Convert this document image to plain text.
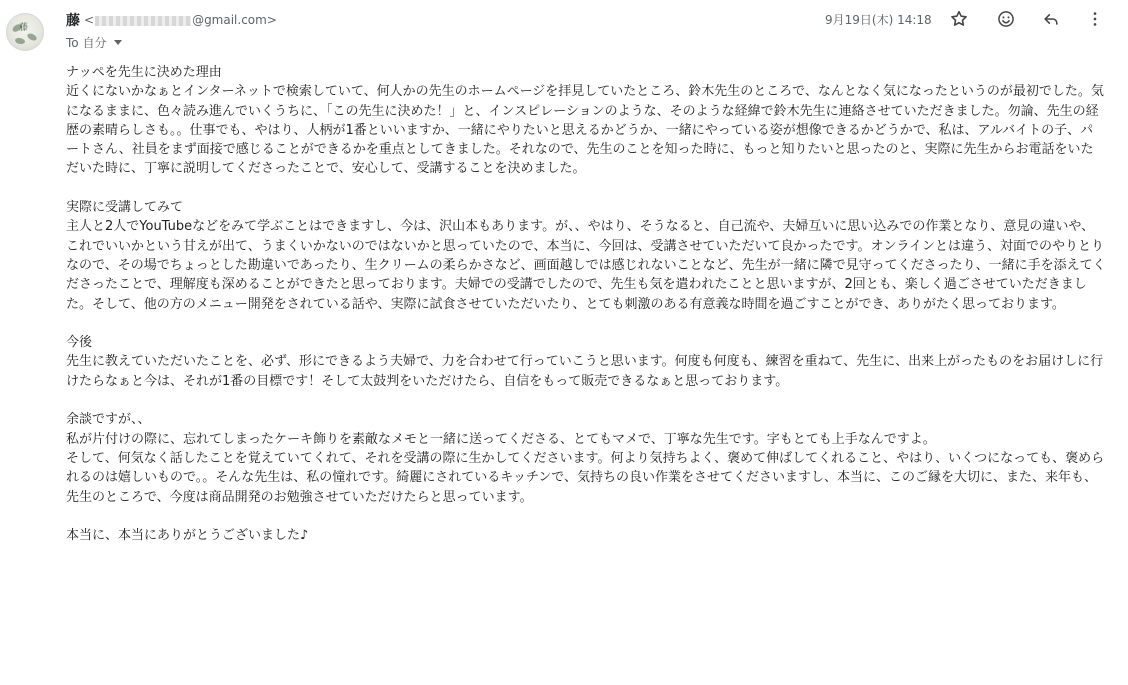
藤	藤 <	@gmail.com>
To 自分
9月19日(木) 14:18
ナッペを先生に決めた理由
近くにないかなぁとインターネットで検索していて、何人かの先生のホームページを拝見していたところ、鈴木先生のところで、なんとなく気になったというのが最初でした。気になるままに、色々読み進んでいくうちに、「この先生に決めた！」と、インスピレーションのような、そのような経緯で鈴木先生に連絡させていただきました。勿論、先生の経歴の素晴らしさも。。仕事でも、やはり、人柄が1番といいますか、一緒にやりたいと思えるかどうか、一緒にやっている姿が想像できるかどうかで、私は、アルバイトの子、パートさん、社員をまず面接で感じることができるかを重点としてきました。それなので、先生のことを知った時に、もっと知りたいと思ったのと、実際に先生からお電話をいただいた時に、丁寧に説明してくださったことで、安心して、受講することを決めました。
実際に受講してみて
主人と2人でYouTubeなどをみて学ぶことはできますし、今は、沢山本もあります。が、、やはり、そうなると、自己流や、夫婦互いに思い込みでの作業となり、意見の違いや、これでいいかという甘えが出て、うまくいかないのではないかと思っていたので、本当に、今回は、受講させていただいて良かったです。オンラインとは違う、対面でのやりとりなので、その場でちょっとした勘違いであったり、生クリームの柔らかさなど、画面越しでは感じれないことなど、先生が一緒に隣で見守ってくださったり、一緒に手を添えてくださったことで、理解度も深めることができたと思っております。夫婦での受講でしたので、先生も気を遣われたことと思いますが、2回とも、楽しく過ごさせていただきました。そして、他の方のメニュー開発をされている話や、実際に試食させていただいたり、とても刺激のある有意義な時間を過ごすことができ、ありがたく思っております。
今後
先生に教えていただいたことを、必ず、形にできるよう夫婦で、力を合わせて行っていこうと思います。何度も何度も、練習を重ねて、先生に、出来上がったものをお届けしに行けたらなぁと今は、それが1番の目標です！そして太鼓判をいただけたら、自信をもって販売できるなぁと思っております。
余談ですが、、
私が片付けの際に、忘れてしまったケーキ飾りを素敵なメモと一緒に送ってくださる、とてもマメで、丁寧な先生です。字もとても上手なんですよ。
そして、何気なく話したことを覚えていてくれて、それを受講の際に生かしてくださいます。何より気持ちよく、褒めて伸ばしてくれること、やはり、いくつになっても、褒められるのは嬉しいもので。。そんな先生は、私の憧れです。綺麗にされているキッチンで、気持ちの良い作業をさせてくださいますし、本当に、このご縁を大切に、また、来年も、先生のところで、今度は商品開発のお勉強させていただけたらと思っています。
本当に、本当にありがとうございました♪
